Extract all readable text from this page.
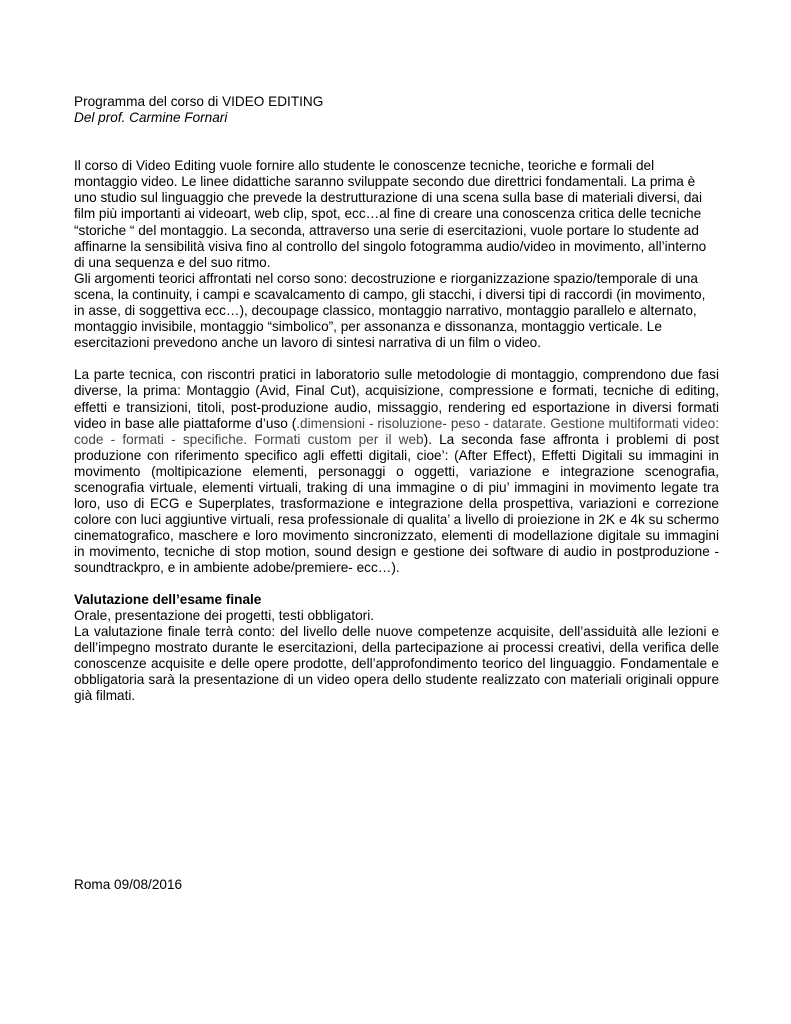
Programma del corso di VIDEO EDITING

Del prof. Carmine Fornari

Il corso di Video Editing vuole fornire allo studente le conoscenze tecniche, teoriche e formali del montaggio video. Le linee didattiche saranno sviluppate secondo due direttrici fondamentali. La prima è uno studio sul linguaggio che prevede la destrutturazione di una scena sulla base di materiali diversi, dai film più importanti ai videoart, web clip, spot, ecc…al fine di creare una conoscenza critica delle tecniche “storiche “ del montaggio. La seconda, attraverso una serie di esercitazioni, vuole portare lo studente ad affinarne la sensibilità visiva fino al controllo del singolo fotogramma audio/video in movimento, all’interno di una sequenza e del suo ritmo.

Gli argomenti teorici affrontati nel corso sono: decostruzione e riorganizzazione spazio/temporale di una scena, la continuity, i campi e scavalcamento di campo, gli stacchi, i diversi tipi di raccordi (in movimento, in asse, di soggettiva ecc…), decoupage classico, montaggio narrativo, montaggio parallelo e alternato, montaggio invisibile, montaggio “simbolico”, per assonanza e dissonanza, montaggio verticale. Le esercitazioni prevedono anche un lavoro di sintesi narrativa di un film o video.

La parte tecnica, con riscontri pratici in laboratorio sulle metodologie di montaggio, comprendono due fasi diverse, la prima: Montaggio (Avid, Final Cut), acquisizione, compressione e formati, tecniche di editing, effetti e transizioni, titoli, post-produzione audio, missaggio, rendering ed esportazione in diversi formati video in base alle piattaforme d’uso (.dimensioni - risoluzione- peso - datarate. Gestione multiformati video: code - formati - specifiche. Formati custom per il web). La seconda fase affronta i problemi di post produzione con riferimento specifico agli effetti digitali, cioe’: (After Effect), Effetti Digitali su immagini in movimento (moltipicazione elementi, personaggi o oggetti, variazione e integrazione scenografia, scenografia virtuale, elementi virtuali, traking di una immagine o di piu’ immagini in movimento legate tra loro, uso di ECG e Superplates, trasformazione e integrazione della prospettiva, variazioni e correzione colore con luci aggiuntive virtuali, resa professionale di qualita’ a livello di proiezione in 2K e 4k su schermo cinematografico, maschere e loro movimento sincronizzato, elementi di modellazione digitale su immagini in movimento, tecniche di stop motion, sound design e gestione dei software di audio in postproduzione -soundtrackpro, e in ambiente adobe/premiere- ecc…).

Valutazione dell’esame finale

Orale, presentazione dei progetti, testi obbligatori.

La valutazione finale terrà conto: del livello delle nuove competenze acquisite, dell’assiduità alle lezioni e dell’impegno mostrato durante le esercitazioni, della partecipazione ai processi creativi, della verifica delle conoscenze acquisite e delle opere prodotte, dell’approfondimento teorico del linguaggio. Fondamentale e obbligatoria sarà la presentazione di un video opera dello studente realizzato con materiali originali oppure già filmati.

Roma 09/08/2016
